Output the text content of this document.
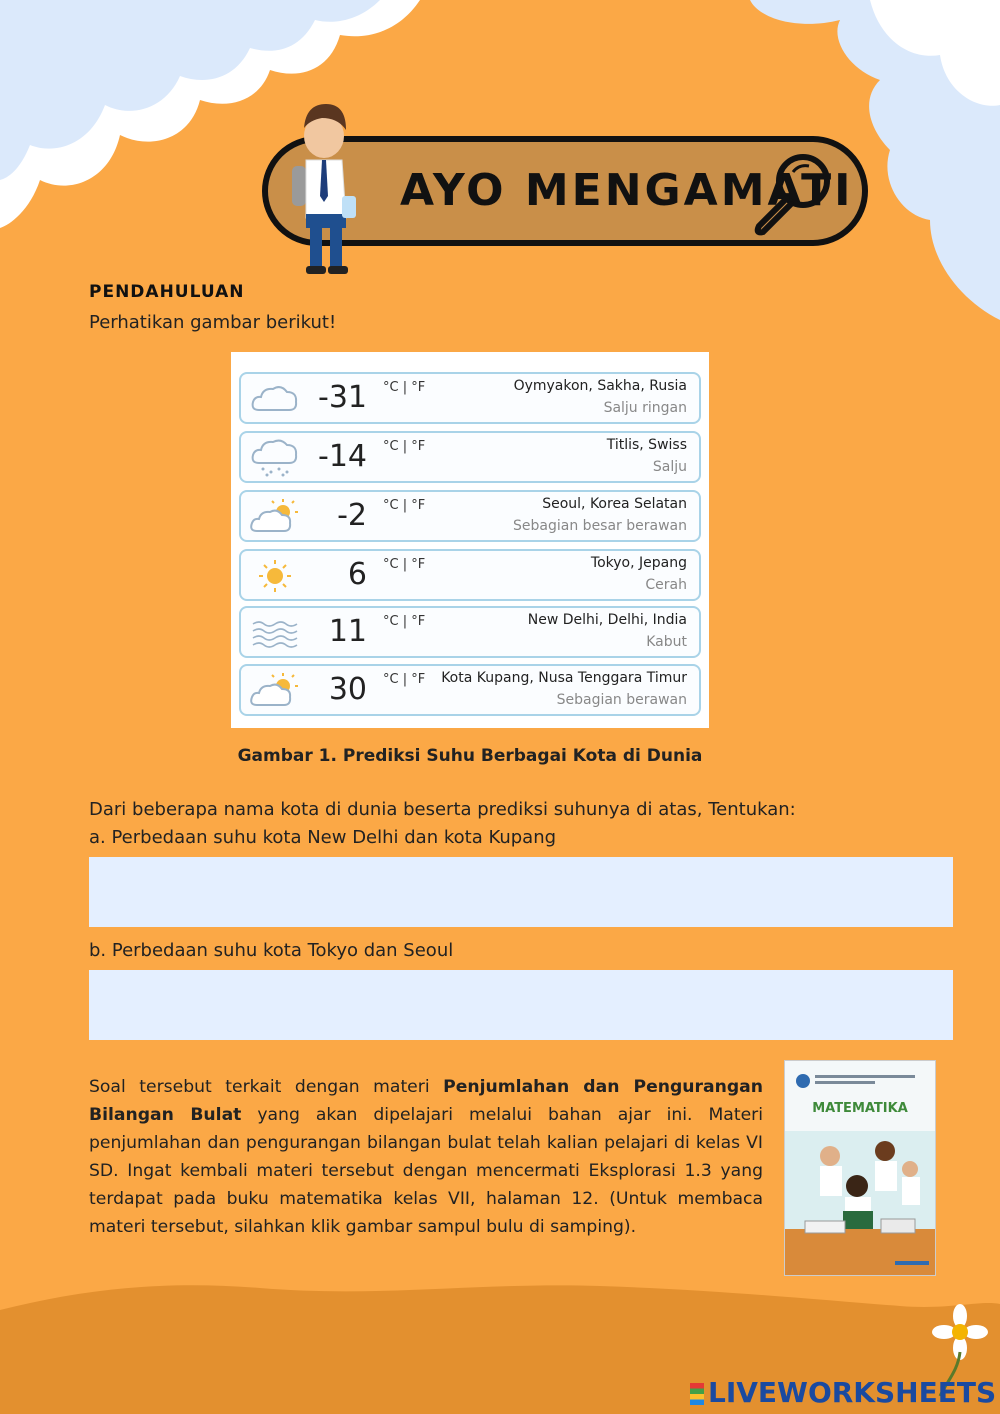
AYO MENGAMATI
PENDAHULUAN
Perhatikan gambar berikut!
-31 °C | °F	Oymyakon, Sakha, Rusia
Salju ringan
-14 °C | °F	Titlis, Swiss
Salju
-2 °C | °F	Seoul, Korea Selatan
Sebagian besar berawan
6 °C | °F	Tokyo, Jepang
Cerah
11 °C | °F	New Delhi, Delhi, India
Kabut
30 °C | °F Kota Kupang, Nusa Tenggara Timur
Sebagian berawan
Gambar 1. Prediksi Suhu Berbagai Kota di Dunia
Dari beberapa nama kota di dunia beserta prediksi suhunya di atas, Tentukan:
a. Perbedaan suhu kota New Delhi dan kota Kupang
b. Perbedaan suhu kota Tokyo dan Seoul
Soal tersebut terkait dengan materi Penjumlahan dan Pengurangan Bilangan Bulat yang akan dipelajari melalui bahan ajar ini. Materi penjumlahan dan pengurangan bilangan bulat telah kalian pelajari di kelas VI SD. Ingat kembali materi tersebut dengan mencermati Eksplorasi 1.3 yang terdapat pada buku matematika kelas VII, halaman 12. (Untuk membaca materi tersebut, silahkan klik gambar sampul bulu di samping).
MATEMATIKA
LIVEWORKSHEETS
